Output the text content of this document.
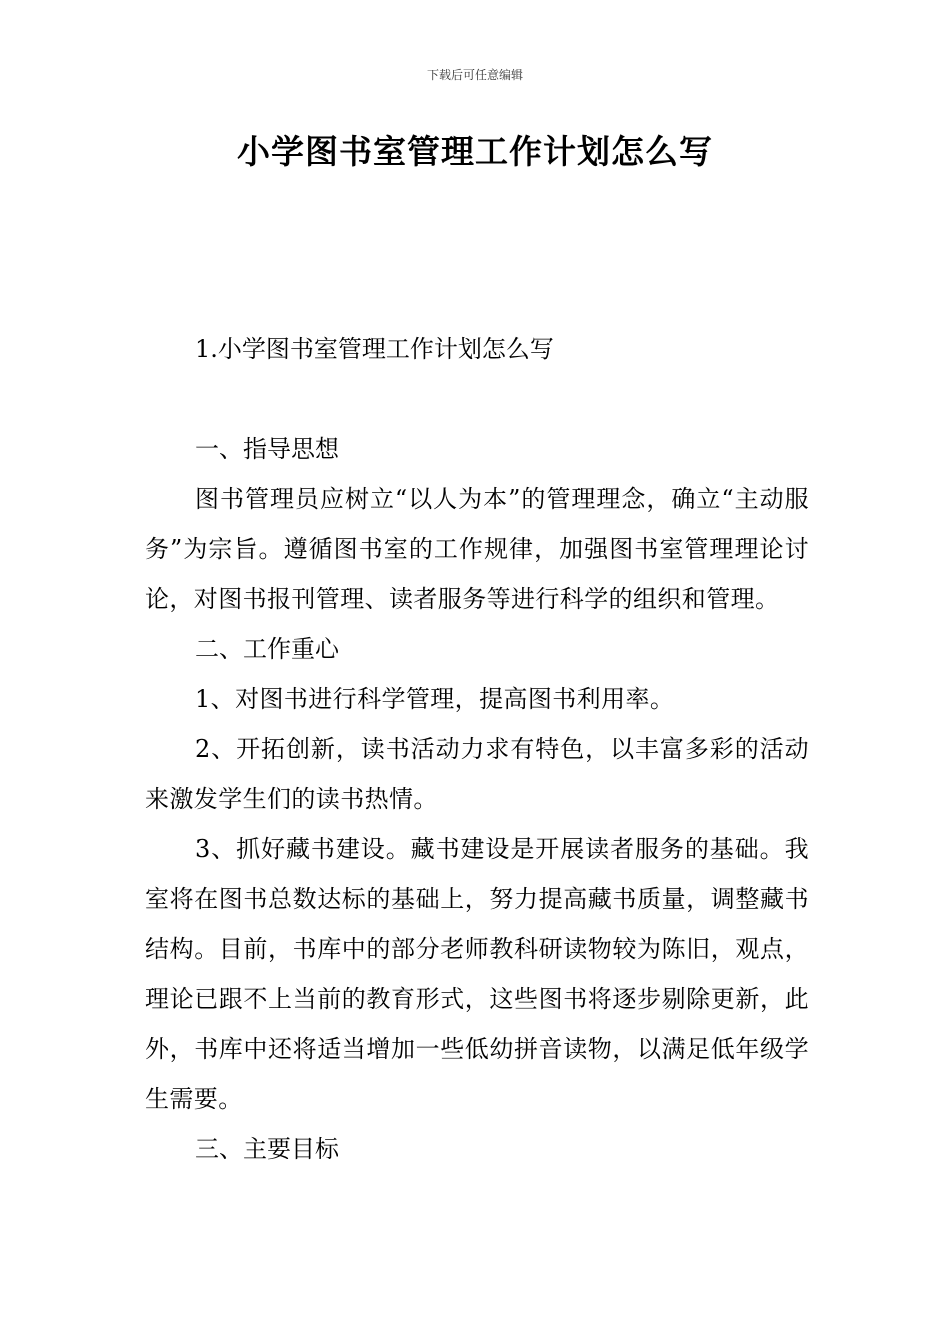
下载后可任意编辑
小学图书室管理工作计划怎么写

1.小学图书室管理工作计划怎么写

一、指导思想

图书管理员应树立“以人为本”的管理理念，确立“主动服务”为宗旨。遵循图书室的工作规律，加强图书室管理理论讨论，对图书报刊管理、读者服务等进行科学的组织和管理。

二、工作重心

1、对图书进行科学管理，提高图书利用率。

2、开拓创新，读书活动力求有特色，以丰富多彩的活动来激发学生们的读书热情。

3、抓好藏书建设。藏书建设是开展读者服务的基础。我室将在图书总数达标的基础上，努力提高藏书质量，调整藏书结构。目前，书库中的部分老师教科研读物较为陈旧，观点，理论已跟不上当前的教育形式，这些图书将逐步剔除更新，此外，书库中还将适当增加一些低幼拼音读物，以满足低年级学生需要。

三、主要目标
